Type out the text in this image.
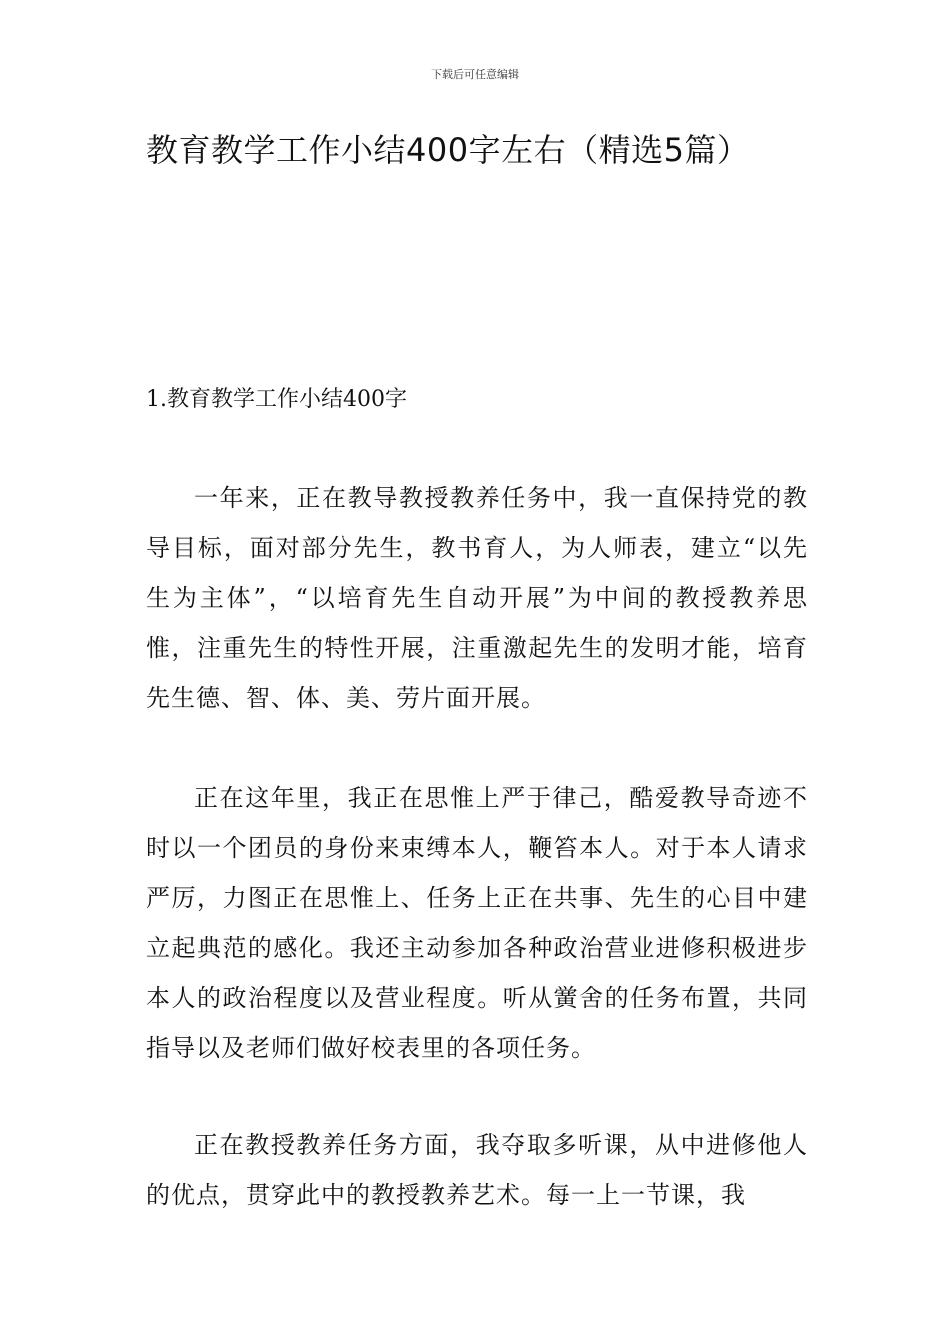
下载后可任意编辑
教育教学工作小结400字左右（精选5篇）
1.教育教学工作小结400字

一年来，正在教导教授教养任务中，我一直保持党的教导目标，面对部分先生，教书育人，为人师表，建立“以先生为主体”，“以培育先生自动开展”为中间的教授教养思惟，注重先生的特性开展，注重激起先生的发明才能，培育先生德、智、体、美、劳片面开展。

正在这年里，我正在思惟上严于律己，酷爱教导奇迹不时以一个团员的身份来束缚本人，鞭笞本人。对于本人请求严厉，力图正在思惟上、任务上正在共事、先生的心目中建立起典范的感化。我还主动参加各种政治营业进修积极进步本人的政治程度以及营业程度。听从黉舍的任务布置，共同指导以及老师们做好校表里的各项任务。

正在教授教养任务方面，我夺取多听课，从中进修他人的优点，贯穿此中的教授教养艺术。每一上一节课，我
